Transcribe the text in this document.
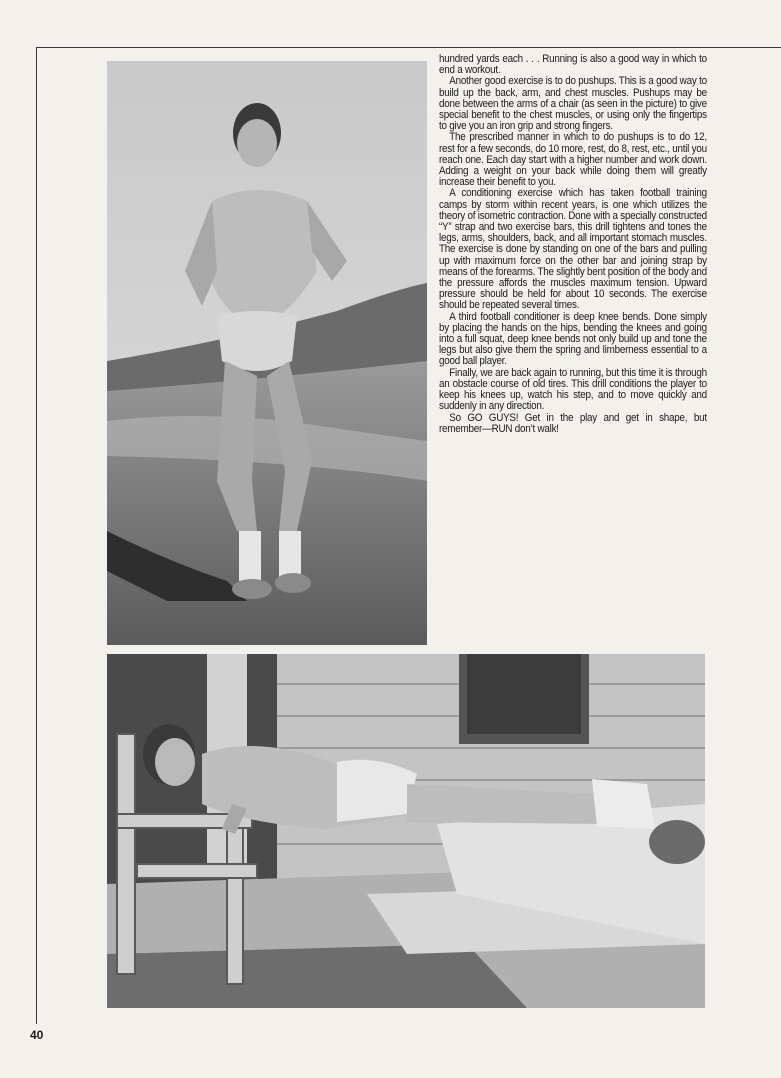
hundred yards each . . . Running is also a good way in which to end a workout.

Another good exercise is to do pushups. This is a good way to build up the back, arm, and chest muscles. Pushups may be done between the arms of a chair (as seen in the picture) to give special benefit to the chest muscles, or using only the fingertips to give you an iron grip and strong fingers.

The prescribed manner in which to do pushups is to do 12, rest for a few seconds, do 10 more, rest, do 8, rest, etc., until you reach one. Each day start with a higher number and work down. Adding a weight on your back while doing them will greatly increase their benefit to you.

A conditioning exercise which has taken football training camps by storm within recent years, is one which utilizes the theory of isometric contraction. Done with a specially constructed “Y” strap and two exercise bars, this drill tightens and tones the legs, arms, shoulders, back, and all important stomach muscles. The exercise is done by standing on one of the bars and pulling up with maximum force on the other bar and joining strap by means of the forearms. The slightly bent position of the body and the pressure affords the muscles maximum tension. Upward pressure should be held for about 10 seconds. The exercise should be repeated several times.

A third football conditioner is deep knee bends. Done simply by placing the hands on the hips, bending the knees and going into a full squat, deep knee bends not only build up and tone the legs but also give them the spring and limberness essential to a good ball player.

Finally, we are back again to running, but this time it is through an obstacle course of old tires. This drill conditions the player to keep his knees up, watch his step, and to move quickly and suddenly in any direction.

So GO GUYS! Get in the play and get in shape, but remember—RUN don’t walk!

40
